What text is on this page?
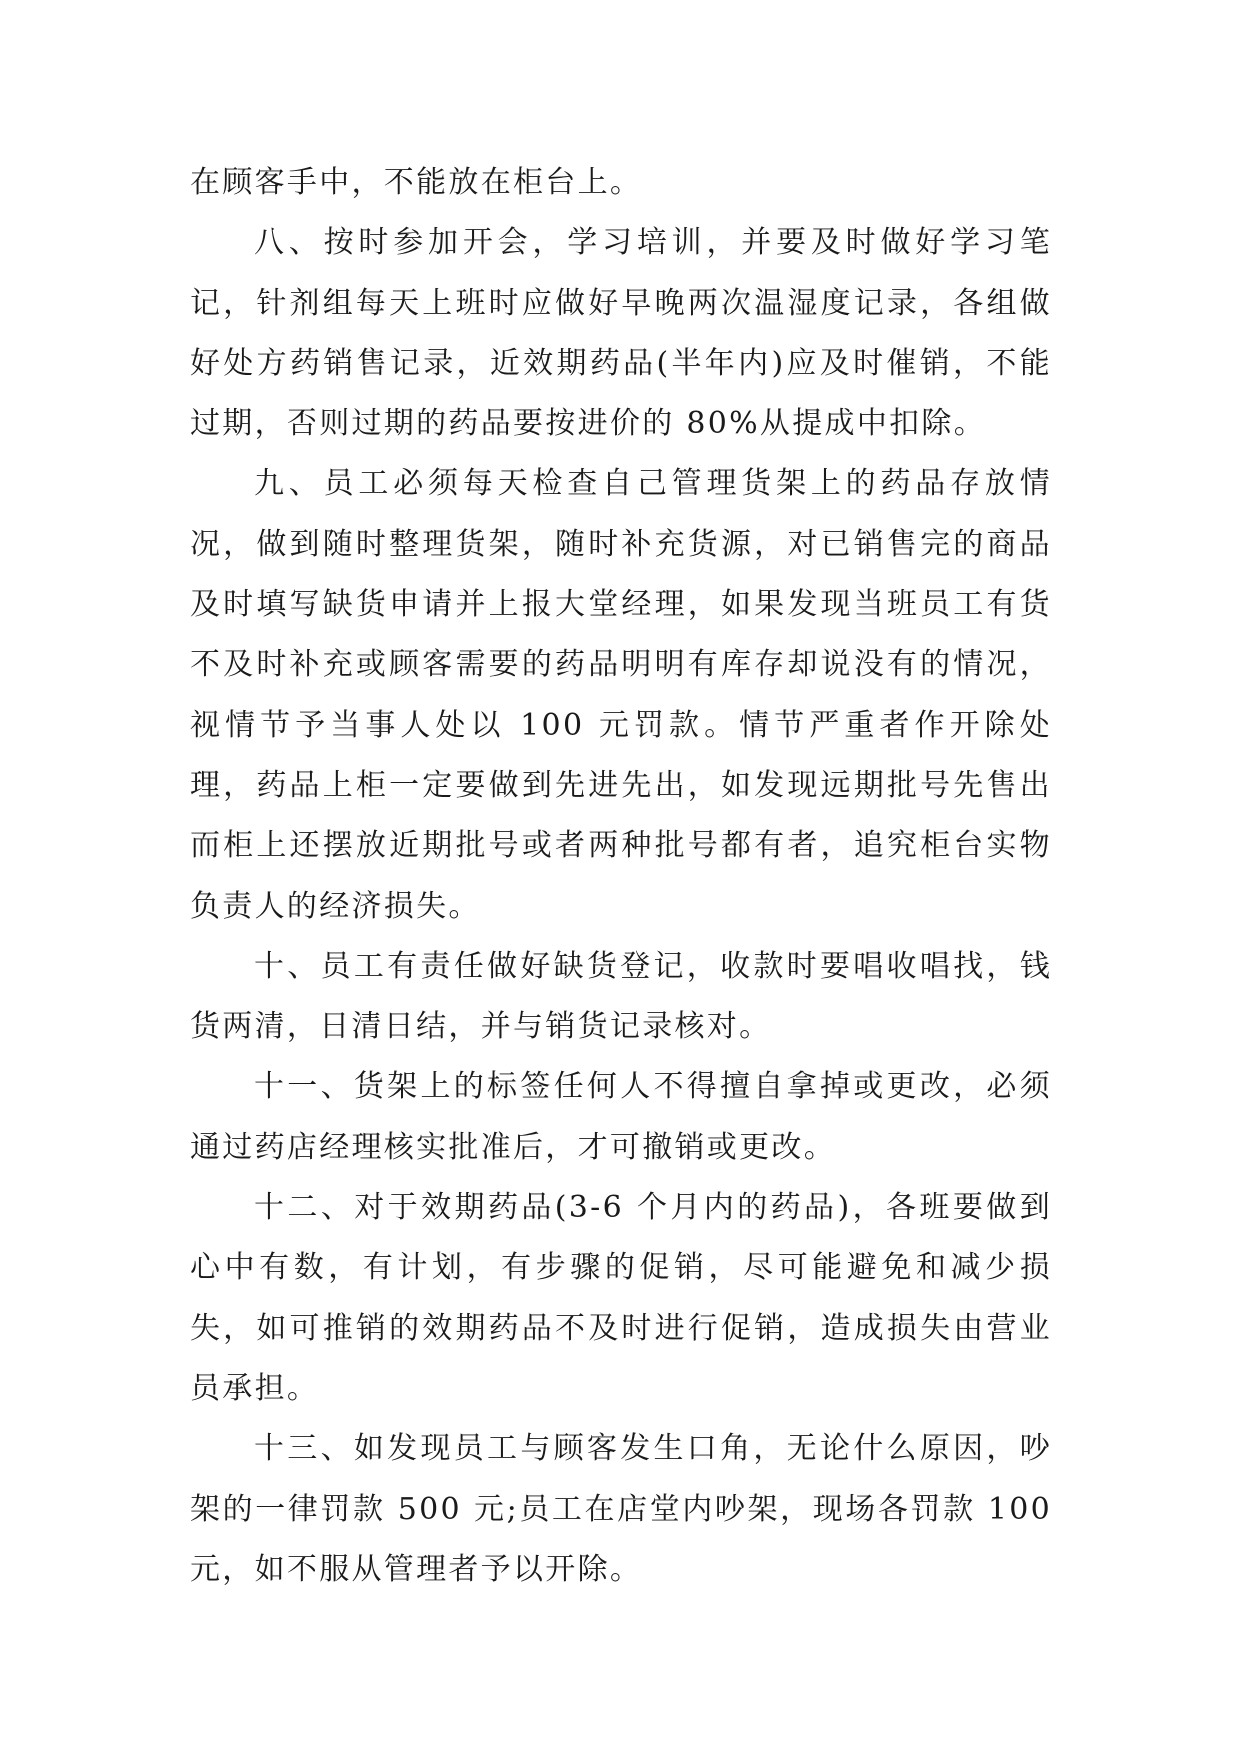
在顾客手中，不能放在柜台上。

八、按时参加开会，学习培训，并要及时做好学习笔记，针剂组每天上班时应做好早晚两次温湿度记录，各组做好处方药销售记录，近效期药品(半年内)应及时催销，不能过期，否则过期的药品要按进价的 80%从提成中扣除。

九、员工必须每天检查自己管理货架上的药品存放情况，做到随时整理货架，随时补充货源，对已销售完的商品及时填写缺货申请并上报大堂经理，如果发现当班员工有货不及时补充或顾客需要的药品明明有库存却说没有的情况，视情节予当事人处以 100 元罚款。情节严重者作开除处理，药品上柜一定要做到先进先出，如发现远期批号先售出而柜上还摆放近期批号或者两种批号都有者，追究柜台实物负责人的经济损失。

十、员工有责任做好缺货登记，收款时要唱收唱找，钱货两清，日清日结，并与销货记录核对。

十一、货架上的标签任何人不得擅自拿掉或更改，必须通过药店经理核实批准后，才可撤销或更改。

十二、对于效期药品(3-6 个月内的药品)，各班要做到心中有数，有计划，有步骤的促销，尽可能避免和减少损失，如可推销的效期药品不及时进行促销，造成损失由营业员承担。

十三、如发现员工与顾客发生口角，无论什么原因，吵架的一律罚款 500 元;员工在店堂内吵架，现场各罚款 100 元，如不服从管理者予以开除。
